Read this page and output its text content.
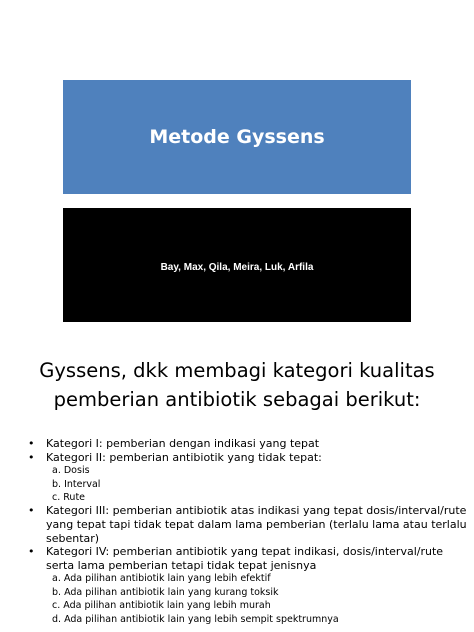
Metode Gyssens
Bay, Max, Qila, Meira, Luk, Arfila
Gyssens, dkk membagi kategori kualitas
pemberian antibiotik sebagai berikut:
• Kategori I: pemberian dengan indikasi yang tepat
• Kategori II: pemberian antibiotik yang tidak tepat:
a. Dosis
b. Interval
c. Rute
• Kategori III: pemberian antibiotik atas indikasi yang tepat dosis/interval/rute yang tepat tapi tidak tepat dalam lama pemberian (terlalu lama atau terlalu sebentar)
• Kategori IV: pemberian antibiotik yang tepat indikasi, dosis/interval/rute serta lama pemberian tetapi tidak tepat jenisnya
a. Ada pilihan antibiotik lain yang lebih efektif
b. Ada pilihan antibiotik lain yang kurang toksik
c. Ada pilihan antibiotik lain yang lebih murah
d. Ada pilihan antibiotik lain yang lebih sempit spektrumnya
